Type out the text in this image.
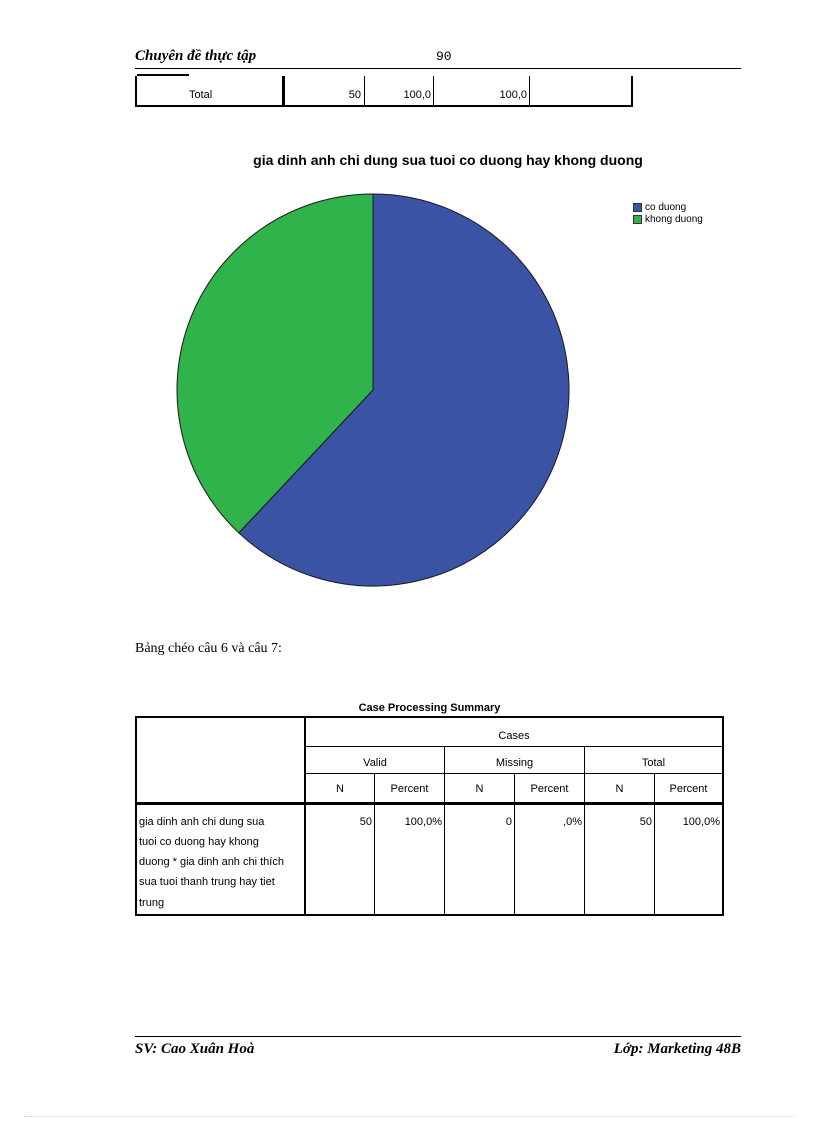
Chuyên đề thực tập	90
Total	50	100,0	100,0
gia dinh anh chi dung sua tuoi co duong hay khong duong
co duong
khong duong
Bảng chéo câu 6 và câu 7:
Case Processing Summary
Cases
Valid	Missing	Total
N	Percent	N	Percent	N	Percent
gia dinh anh chi dung sua
tuoi co duong hay khong
duong * gia dinh anh chi thích
sua tuoi thanh trung hay tiet
trung
50	100,0%	0	,0%	50	100,0%
SV: Cao Xuân Hoà	Lớp: Marketing 48B
